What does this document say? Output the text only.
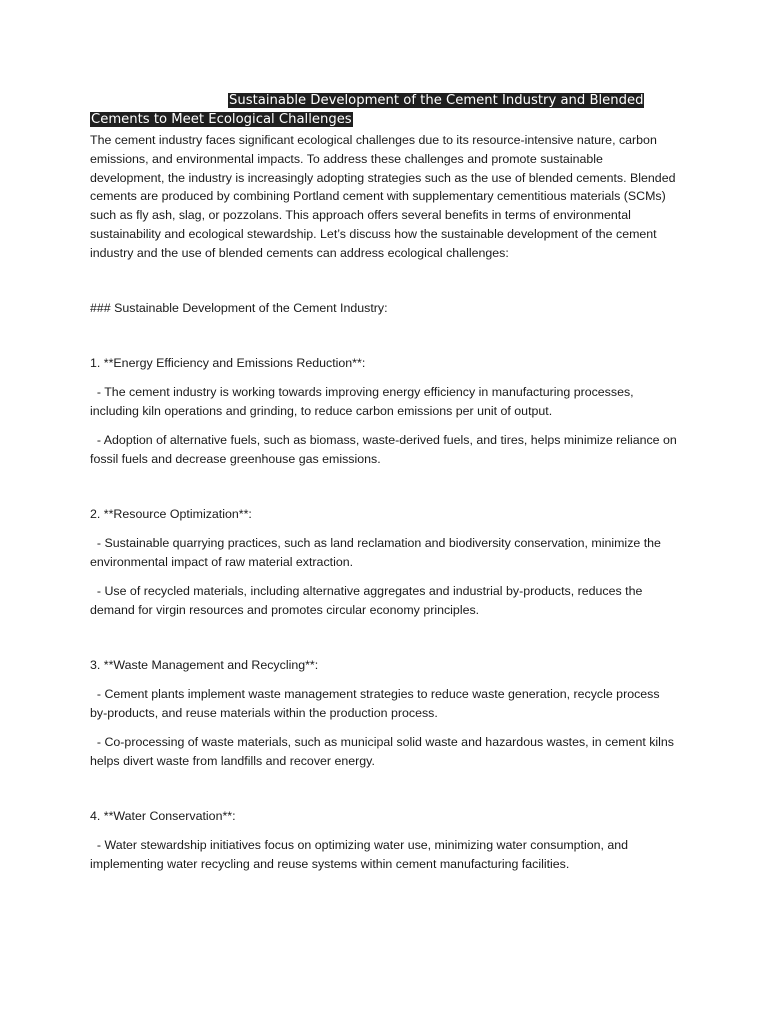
Sustainable Development of the Cement Industry and Blended
Cements to Meet Ecological Challenges

The cement industry faces significant ecological challenges due to its resource-intensive nature, carbon emissions, and environmental impacts. To address these challenges and promote sustainable development, the industry is increasingly adopting strategies such as the use of blended cements. Blended cements are produced by combining Portland cement with supplementary cementitious materials (SCMs) such as fly ash, slag, or pozzolans. This approach offers several benefits in terms of environmental sustainability and ecological stewardship. Let’s discuss how the sustainable development of the cement industry and the use of blended cements can address ecological challenges:

### Sustainable Development of the Cement Industry:

1. **Energy Efficiency and Emissions Reduction**:

- The cement industry is working towards improving energy efficiency in manufacturing processes, including kiln operations and grinding, to reduce carbon emissions per unit of output.

- Adoption of alternative fuels, such as biomass, waste-derived fuels, and tires, helps minimize reliance on fossil fuels and decrease greenhouse gas emissions.

2. **Resource Optimization**:

- Sustainable quarrying practices, such as land reclamation and biodiversity conservation, minimize the environmental impact of raw material extraction.

- Use of recycled materials, including alternative aggregates and industrial by-products, reduces the demand for virgin resources and promotes circular economy principles.

3. **Waste Management and Recycling**:

- Cement plants implement waste management strategies to reduce waste generation, recycle process by-products, and reuse materials within the production process.

- Co-processing of waste materials, such as municipal solid waste and hazardous wastes, in cement kilns helps divert waste from landfills and recover energy.

4. **Water Conservation**:

- Water stewardship initiatives focus on optimizing water use, minimizing water consumption, and implementing water recycling and reuse systems within cement manufacturing facilities.
